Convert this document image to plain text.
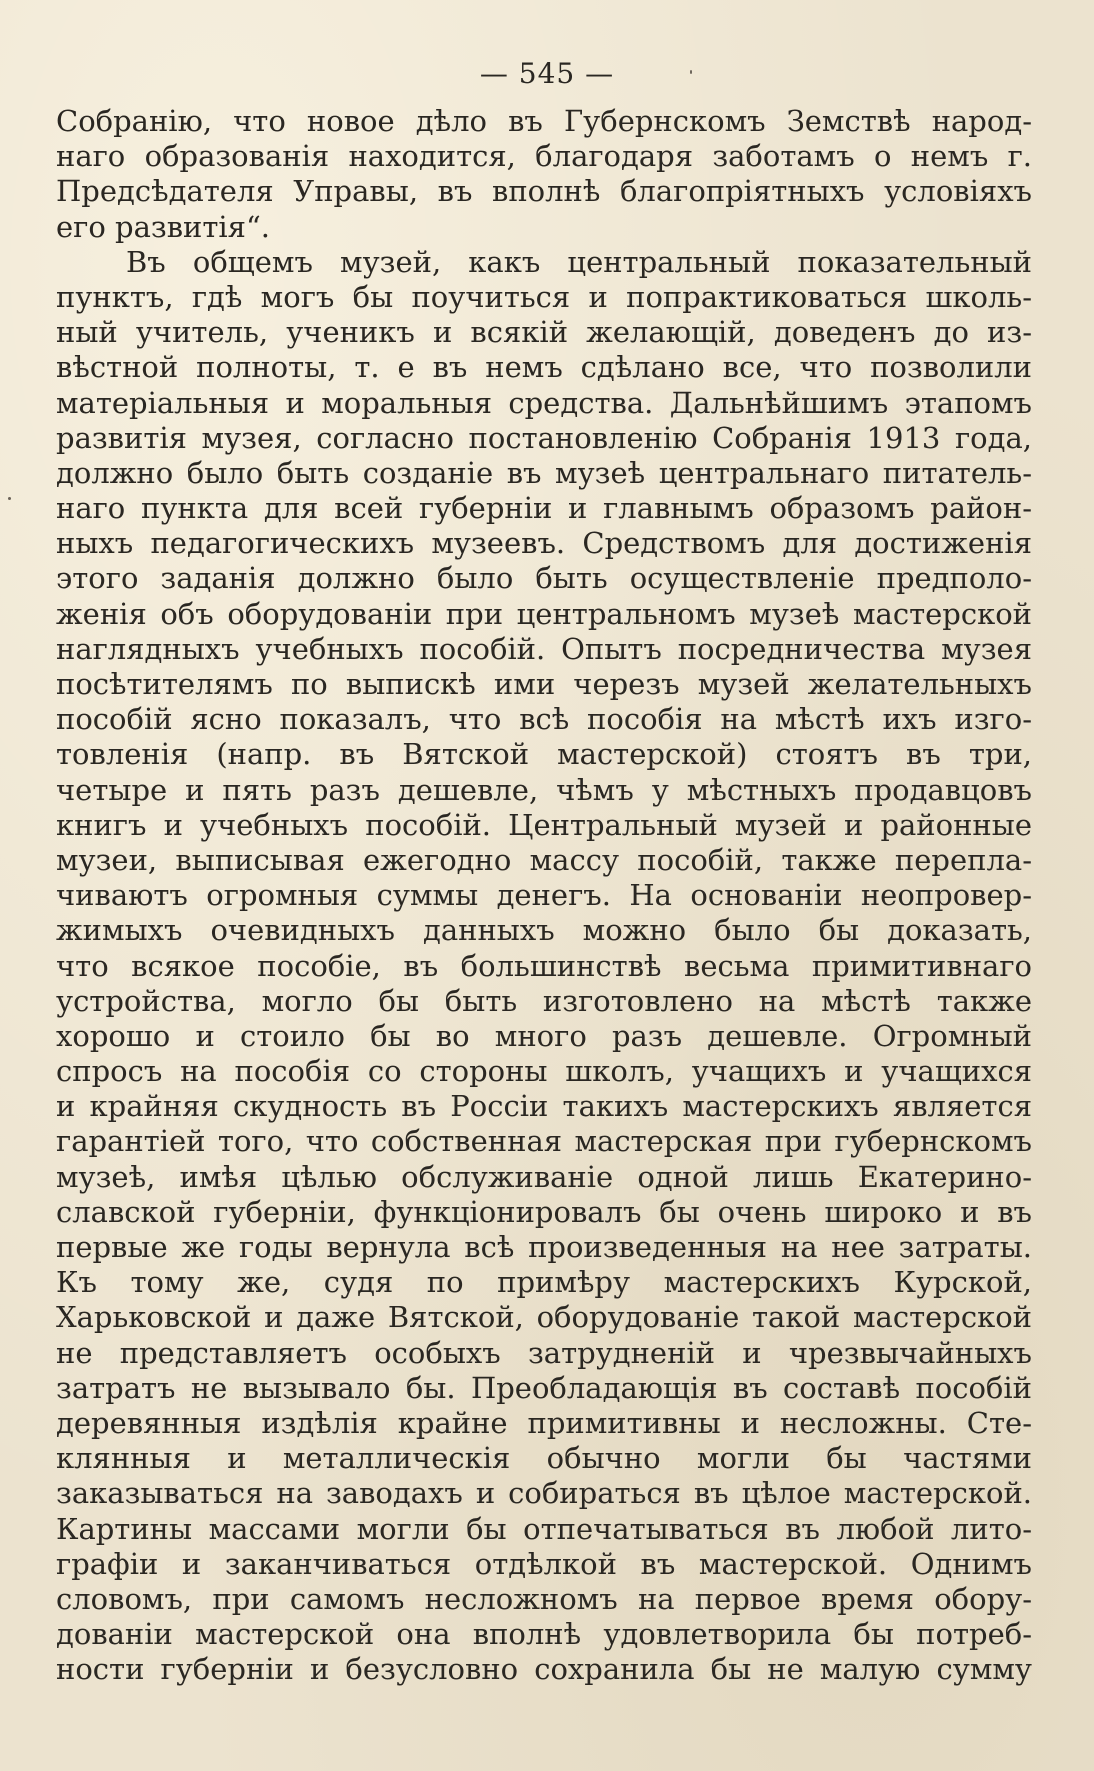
— 545 —
Собранію, что новое дѣло въ Губернскомъ Земствѣ народ-
наго образованія находится, благодаря заботамъ о немъ г.
Предсѣдателя Управы, въ вполнѣ благопріятныхъ условіяхъ
его развитія“.
Въ общемъ музей, какъ центральный показательный
пунктъ, гдѣ могъ бы поучиться и попрактиковаться школь-
ный учитель, ученикъ и всякій желающій, доведенъ до из-
вѣстной полноты, т. е въ немъ сдѣлано все, что позволили
матеріальныя и моральныя средства. Дальнѣйшимъ этапомъ
развитія музея, согласно постановленію Собранія 1913 года,
должно было быть созданіе въ музеѣ центральнаго питатель-
наго пункта для всей губерніи и главнымъ образомъ район-
ныхъ педагогическихъ музеевъ. Средствомъ для достиженія
этого заданія должно было быть осуществленіе предполо-
женія объ оборудованіи при центральномъ музеѣ мастерской
наглядныхъ учебныхъ пособій. Опытъ посредничества музея
посѣтителямъ по выпискѣ ими черезъ музей желательныхъ
пособій ясно показалъ, что всѣ пособія на мѣстѣ ихъ изго-
товленія (напр. въ Вятской мастерской) стоятъ въ три,
четыре и пять разъ дешевле, чѣмъ у мѣстныхъ продавцовъ
книгъ и учебныхъ пособій. Центральный музей и районные
музеи, выписывая ежегодно массу пособій, также перепла-
чиваютъ огромныя суммы денегъ. На основаніи неопровер-
жимыхъ очевидныхъ данныхъ можно было бы доказать,
что всякое пособіе, въ большинствѣ весьма примитивнаго
устройства, могло бы быть изготовлено на мѣстѣ также
хорошо и стоило бы во много разъ дешевле. Огромный
спросъ на пособія со стороны школъ, учащихъ и учащихся
и крайняя скудность въ Россіи такихъ мастерскихъ является
гарантіей того, что собственная мастерская при губернскомъ
музеѣ, имѣя цѣлью обслуживаніе одной лишь Екатерино-
славской губерніи, функціонировалъ бы очень широко и въ
первые же годы вернула всѣ произведенныя на нее затраты.
Къ тому же, судя по примѣру мастерскихъ Курской,
Харьковской и даже Вятской, оборудованіе такой мастерской
не представляетъ особыхъ затрудненій и чрезвычайныхъ
затратъ не вызывало бы. Преобладающія въ составѣ пособій
деревянныя издѣлія крайне примитивны и несложны. Сте-
клянныя и металлическія обычно могли бы частями
заказываться на заводахъ и собираться въ цѣлое мастерской.
Картины массами могли бы отпечатываться въ любой лито-
графіи и заканчиваться отдѣлкой въ мастерской. Однимъ
словомъ, при самомъ несложномъ на первое время обору-
дованіи мастерской она вполнѣ удовлетворила бы потреб-
ности губерніи и безусловно сохранила бы не малую сумму
